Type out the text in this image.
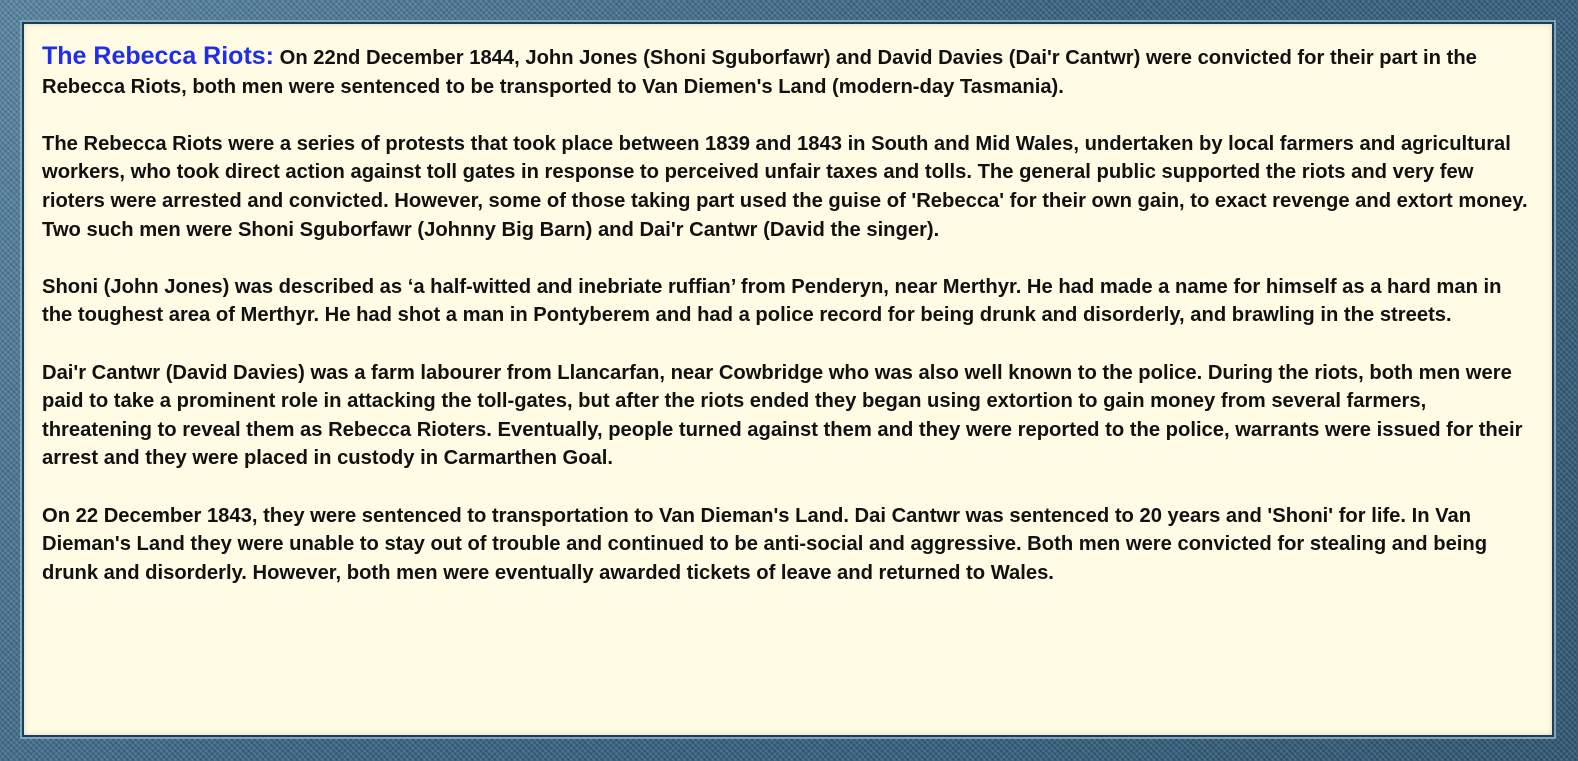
The Rebecca Riots: On 22nd December 1844, John Jones (Shoni Sguborfawr) and David Davies (Dai'r Cantwr) were convicted for their part in the Rebecca Riots, both men were sentenced to be transported to Van Diemen's Land (modern-day Tasmania).

The Rebecca Riots were a series of protests that took place between 1839 and 1843 in South and Mid Wales, undertaken by local farmers and agricultural workers, who took direct action against toll gates in response to perceived unfair taxes and tolls. The general public supported the riots and very few rioters were arrested and convicted. However, some of those taking part used the guise of 'Rebecca' for their own gain, to exact revenge and extort money. Two such men were Shoni Sguborfawr (Johnny Big Barn) and Dai'r Cantwr (David the singer).

Shoni (John Jones) was described as ‘a half-witted and inebriate ruffian’ from Penderyn, near Merthyr. He had made a name for himself as a hard man in the toughest area of Merthyr. He had shot a man in Pontyberem and had a police record for being drunk and disorderly, and brawling in the streets.

Dai'r Cantwr (David Davies) was a farm labourer from Llancarfan, near Cowbridge who was also well known to the police. During the riots, both men were paid to take a prominent role in attacking the toll-gates, but after the riots ended they began using extortion to gain money from several farmers, threatening to reveal them as Rebecca Rioters. Eventually, people turned against them and they were reported to the police, warrants were issued for their arrest and they were placed in custody in Carmarthen Goal.

On 22 December 1843, they were sentenced to transportation to Van Dieman's Land. Dai Cantwr was sentenced to 20 years and 'Shoni' for life. In Van Dieman's Land they were unable to stay out of trouble and continued to be anti-social and aggressive. Both men were convicted for stealing and being drunk and disorderly. However, both men were eventually awarded tickets of leave and returned to Wales.
